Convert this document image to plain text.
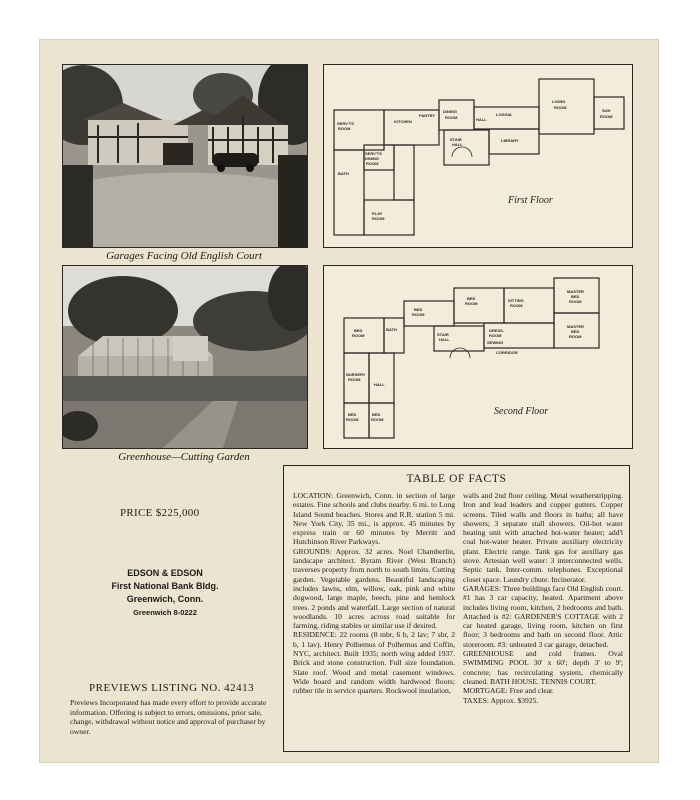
Garages Facing Old English Court
Greenhouse—Cutting Garden
DINING
ROOM
LOGGIA
LIVING
ROOM
SUN
ROOM
LIBRARY
HALL
STAIR
HALL
KITCHEN
PANTRY
SERV'TS
ROOM
SERV'TS
DINING
ROOM
BATH
PLAY
ROOM
First Floor
MASTER
BED
ROOM
MASTER
BED
ROOM
SITTING
ROOM
DRESS.
ROOM
BED
ROOM
BED
ROOM
BED
ROOM
BED
ROOM
BED
ROOM
STAIR
HALL
CORRIDOR
SEWING
NURSERY
ROOM
BATH
HALL
Second Floor
PRICE $225,000
EDSON & EDSON
First National Bank Bldg.
Greenwich, Conn.
Greenwich 8-0222
PREVIEWS LISTING NO. 42413
Previews Incorporated has made every effort to provide accurate information. Offering is subject to errors, omissions, prior sale, change, withdrawal without notice and approval of purchaser by owner.
TABLE OF FACTS

LOCATION: Greenwich, Conn. in section of large estates. Fine schools and clubs nearby. 6 mi. to Long Island Sound beaches. Stores and R.R. station 5 mi. New York City, 35 mi., is approx. 45 minutes by express train or 60 minutes by Merritt and Hutchinson River Parkways.

GROUNDS: Approx. 32 acres. Noel Chamberlin, landscape architect. Byram River (West Branch) traverses property from north to south limits. Cutting garden. Vegetable gardens. Beautiful landscaping includes lawns, elm, willow, oak, pink and white dogwood, large maple, beech, pine and hemlock trees. 2 ponds and waterfall. Large section of natural woodlands. 10 acres across road suitable for farming, riding stables or similar use if desired.

RESIDENCE: 22 rooms (8 mbr, 6 b, 2 lav; 7 sbr, 2 b, 1 lav). Henry Polhemus of Polhemus and Coffin, NYC, architect. Built 1935; north wing added 1937. Brick and stone construction. Full size foundation. Slate roof. Wood and metal casement windows. Wide board and random width hardwood floors; rubber tile in service quarters. Rockwool insulation,

walls and 2nd floor ceiling. Metal weatherstripping. Iron and lead leaders and copper gutters. Copper screens. Tiled walls and floors in baths; all have showers; 3 separate stall showers. Oil-hot water heating unit with attached hot-water heater; add'l coal hot-water heater. Private auxiliary electricity plant. Electric range. Tank gas for auxiliary gas stove. Artesian well water: 3 interconnected wells. Septic tank. Inter-comm. telephones. Exceptional closet space. Laundry chute. Incinerator.

GARAGES: Three buildings face Old English court. #1 has 3 car capacity, heated. Apartment above includes living room, kitchen, 2 bedrooms and bath. Attached is #2: GARDENER'S COTTAGE with 2 car heated garage, living room, kitchen on first floor; 3 bedrooms and bath on second floor. Attic storeroom. #3: unheated 3 car garage, detached.

GREENHOUSE and cold frames. Oval SWIMMING POOL 30' x 60'; depth 3' to 9'; concrete; has recirculating system, chemically cleaned. BATH HOUSE. TENNIS COURT.

MORTGAGE: Free and clear.

TAXES: Approx. $3925.
